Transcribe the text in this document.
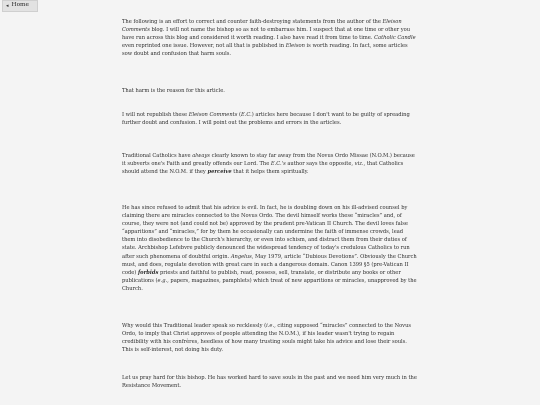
◂ Home

The following is an effort to correct and counter faith-destroying statements from the author of the Eleison Comments blog. I will not name the bishop so as not to embarrass him. I suspect that at one time or other you have run across this blog and considered it worth reading. I also have read it from time to time. Catholic Candle even reprinted one issue. However, not all that is published in Eleison is worth reading. In fact, some articles sow doubt and confusion that harm souls.

That harm is the reason for this article.

I will not republish these Eleison Comments (E.C.) articles here because I don't want to be guilty of spreading further doubt and confusion. I will point out the problems and errors in the articles.

Traditional Catholics have always clearly known to stay far away from the Novus Ordo Missae (N.O.M.) because it subverts one's Faith and greatly offends our Lord. The E.C.'s author says the opposite, viz., that Catholics should attend the N.O.M. if they perceive that it helps them spiritually.

He has since refused to admit that his advice is evil. In fact, he is doubling down on his ill-advised counsel by claiming there are miracles connected to the Novus Ordo. The devil himself works these “miracles” and, of course, they were not (and could not be) approved by the prudent pre-Vatican II Church. The devil loves false “apparitions” and “miracles,” for by them he occasionally can undermine the faith of immense crowds, lead them into disobedience to the Church's hierarchy, or even into schism, and distract them from their duties of state. Archbishop Lefebvre publicly denounced the widespread tendency of today's credulous Catholics to run after such phenomena of doubtful origin. Angelus, May 1979, article “Dubious Devotions”. Obviously the Church must, and does, regulate devotion with great care in such a dangerous domain. Canon 1399 §5 (pre-Vatican II code) forbids priests and faithful to publish, read, possess, sell, translate, or distribute any books or other publications (e.g., papers, magazines, pamphlets) which treat of new apparitions or miracles, unapproved by the Church.

Why would this Traditional leader speak so recklessly (i.e., citing supposed “miracles” connected to the Novus Ordo, to imply that Christ approves of people attending the N.O.M.), if his leader wasn't trying to regain credibility with his confrères, heedless of how many trusting souls might take his advice and lose their souls. This is self-interest, not doing his duty.

Let us pray hard for this bishop. He has worked hard to save souls in the past and we need him very much in the Resistance Movement.
